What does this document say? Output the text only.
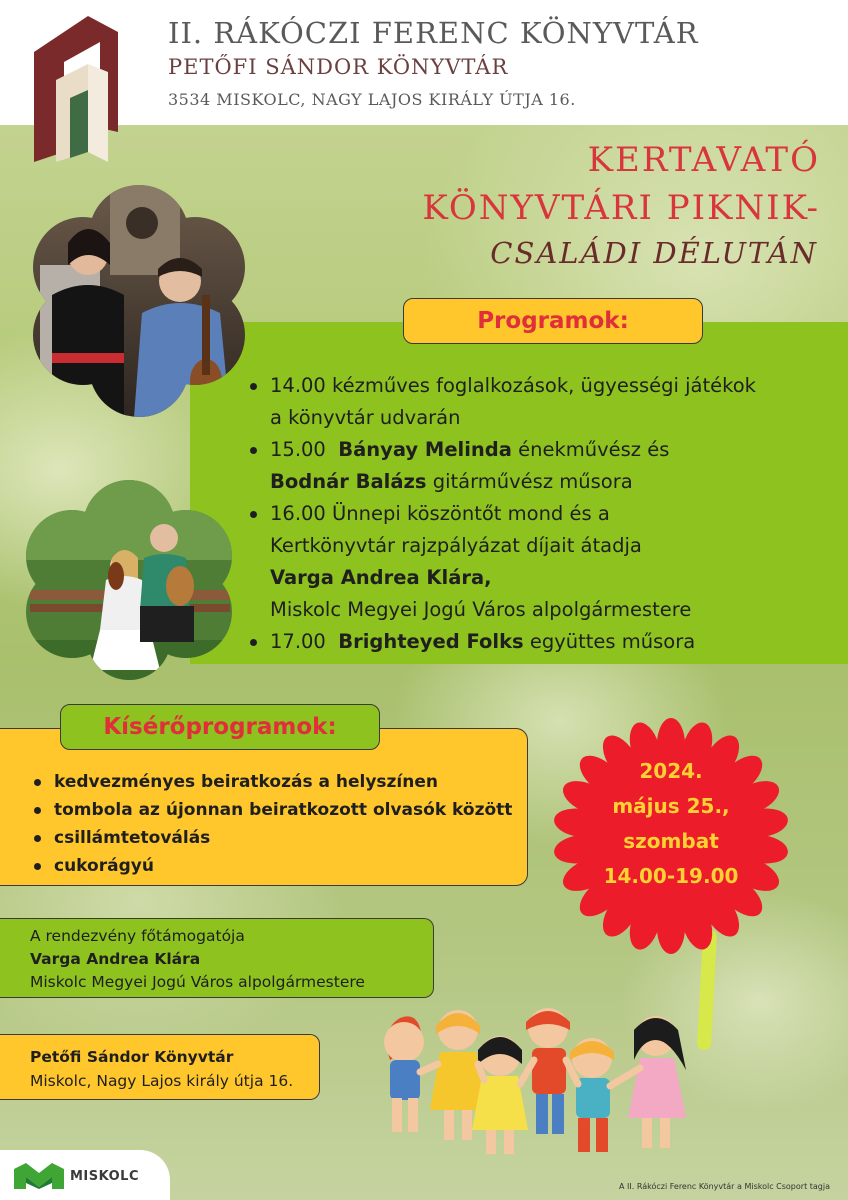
II. RÁKÓCZI FERENC KÖNYVTÁR
PETŐFI SÁNDOR KÖNYVTÁR
3534 MISKOLC, NAGY LAJOS KIRÁLY ÚTJA 16.
KERTAVATÓ
KÖNYVTÁRI PIKNIK-
CSALÁDI DÉLUTÁN
Programok:
14.00 kézműves foglalkozások, ügyességi játékok
a könyvtár udvarán
15.00 Bányay Melinda énekművész és
Bodnár Balázs gitárművész műsora
16.00 Ünnepi köszöntőt mond és a
Kertkönyvtár rajzpályázat díjait átadja
Varga Andrea Klára,
Miskolc Megyei Jogú Város alpolgármestere
17.00 Brighteyed Folks együttes műsora
Kísérőprogramok:
kedvezményes beiratkozás a helyszínen
tombola az újonnan beiratkozott olvasók között
csillámtetoválás
cukorágyú
2024.
május 25.,
szombat
14.00-19.00
A rendezvény főtámogatója
Varga Andrea Klára
Miskolc Megyei Jogú Város alpolgármestere
Petőfi Sándor Könyvtár
Miskolc, Nagy Lajos király útja 16.
MISKOLC
A II. Rákóczi Ferenc Könyvtár a Miskolc Csoport tagja
